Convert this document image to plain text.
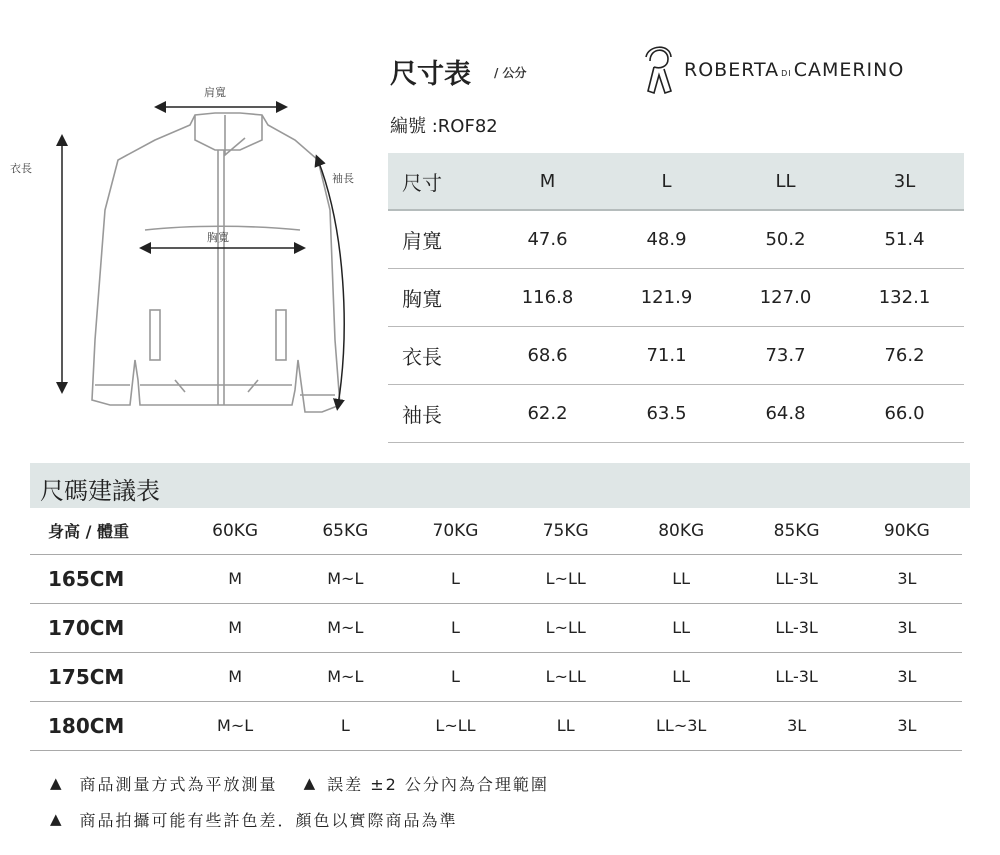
肩寬
胸寬
衣長
袖長
尺寸表 / 公分
編號 :ROF82
ROBERTA DI CAMERINO
尺寸	M	L	LL	3L
肩寬	47.6	48.9	50.2	51.4
胸寬	116.8	121.9	127.0	132.1
衣長	68.6	71.1	73.7	76.2
袖長	62.2	63.5	64.8	66.0
尺碼建議表
身高 / 體重	60KG	65KG	70KG	75KG	80KG	85KG	90KG
165CM	M	M~L	L	L~LL	LL	LL-3L	3L
170CM	M	M~L	L	L~LL	LL	LL-3L	3L
175CM	M	M~L	L	L~LL	LL	LL-3L	3L
180CM	M~L	L	L~LL	LL	LL~3L	3L	3L
▲ 商品測量方式為平放測量 ▲ 誤差 ±2 公分內為合理範圍
▲ 商品拍攝可能有些許色差．顏色以實際商品為準
